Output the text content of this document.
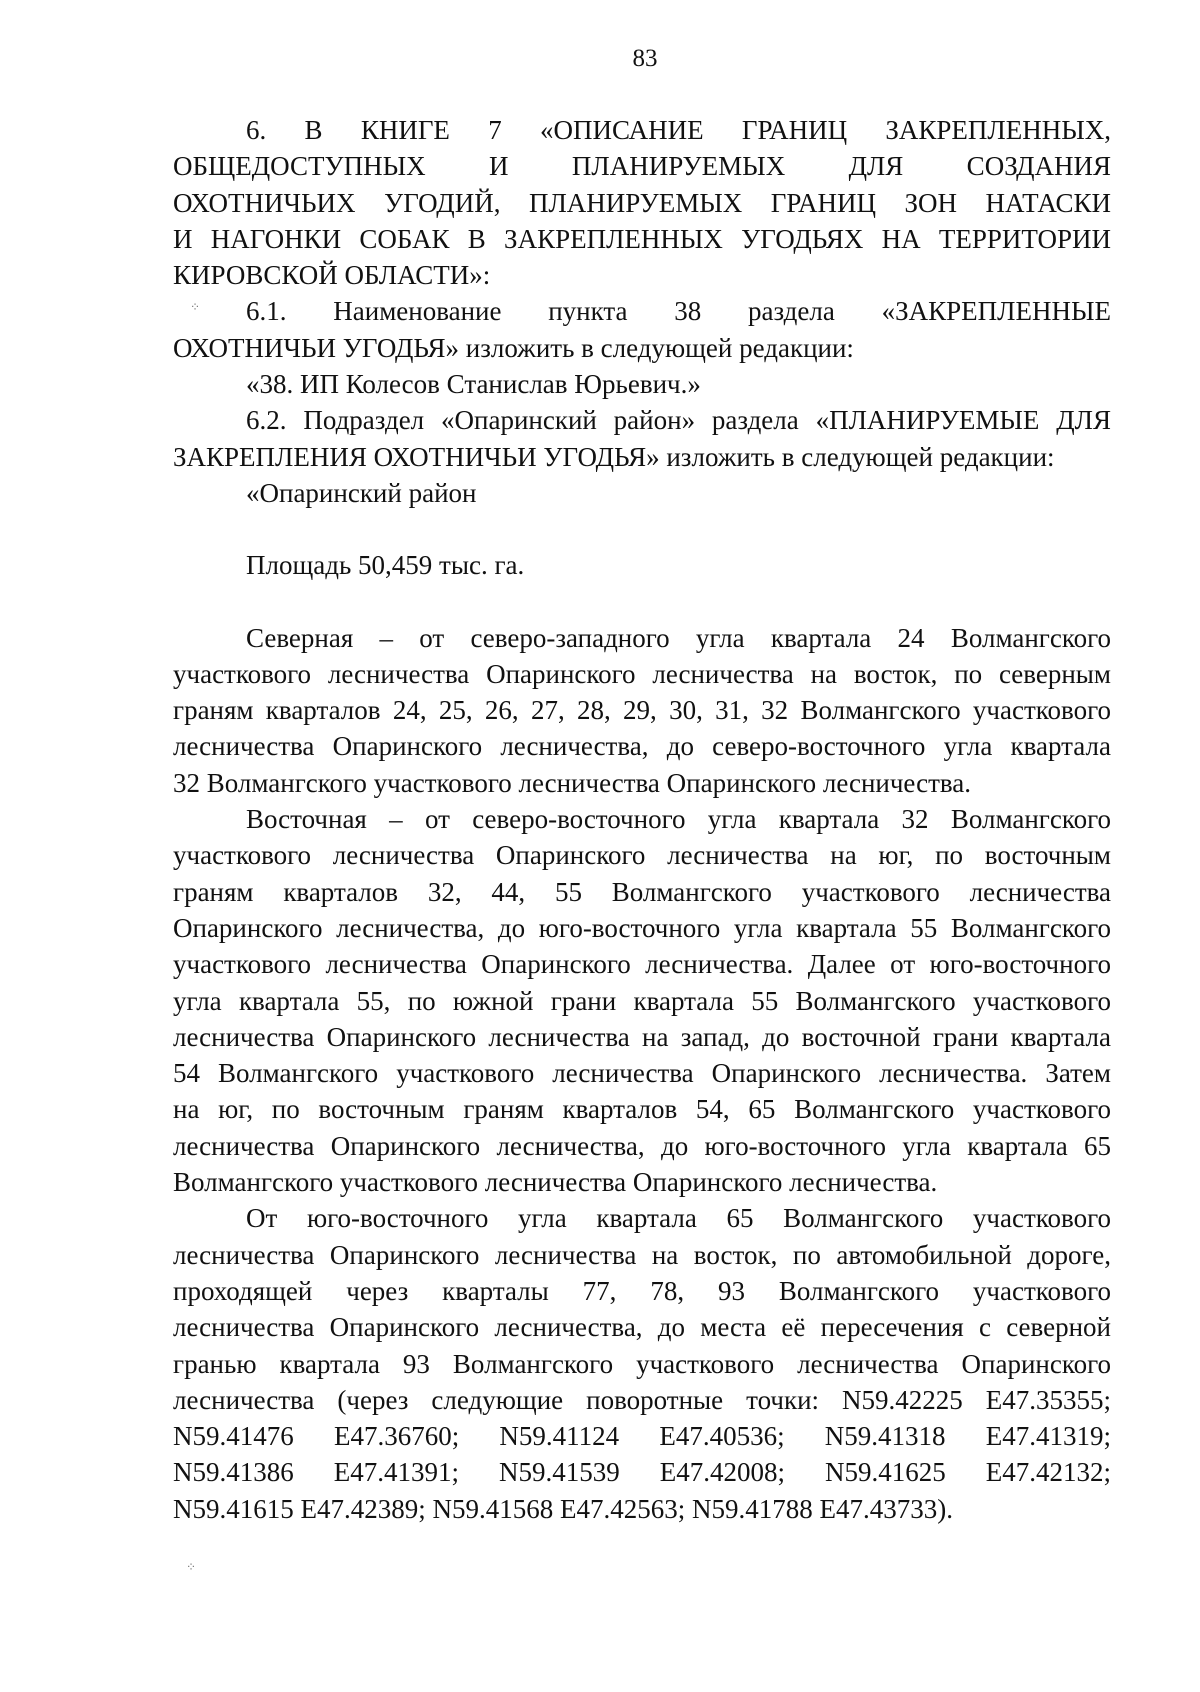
83

6. В КНИГЕ 7 «ОПИСАНИЕ ГРАНИЦ ЗАКРЕПЛЕННЫХ,

ОБЩЕДОСТУПНЫХ И ПЛАНИРУЕМЫХ ДЛЯ СОЗДАНИЯ
ОХОТНИЧЬИХ УГОДИЙ, ПЛАНИРУЕМЫХ ГРАНИЦ ЗОН НАТАСКИ
И НАГОНКИ СОБАК В ЗАКРЕПЛЕННЫХ УГОДЬЯХ НА ТЕРРИТОРИИ
КИРОВСКОЙ ОБЛАСТИ»:

6.1. Наименование пункта 38 раздела «ЗАКРЕПЛЕННЫЕ

ОХОТНИЧЬИ УГОДЬЯ» изложить в следующей редакции:

«38. ИП Колесов Станислав Юрьевич.»

6.2. Подраздел «Опаринский район» раздела «ПЛАНИРУЕМЫЕ ДЛЯ

ЗАКРЕПЛЕНИЯ ОХОТНИЧЬИ УГОДЬЯ» изложить в следующей редакции:

«Опаринский район

Площадь 50,459 тыс. га.

Северная – от северо-западного угла квартала 24 Волмангского

участкового лесничества Опаринского лесничества на восток, по северным
граням кварталов 24, 25, 26, 27, 28, 29, 30, 31, 32 Волмангского участкового
лесничества Опаринского лесничества, до северо-восточного угла квартала
32 Волмангского участкового лесничества Опаринского лесничества.

Восточная – от северо-восточного угла квартала 32 Волмангского

участкового лесничества Опаринского лесничества на юг, по восточным
граням кварталов 32, 44, 55 Волмангского участкового лесничества
Опаринского лесничества, до юго-восточного угла квартала 55 Волмангского
участкового лесничества Опаринского лесничества. Далее от юго-восточного
угла квартала 55, по южной грани квартала 55 Волмангского участкового
лесничества Опаринского лесничества на запад, до восточной грани квартала
54 Волмангского участкового лесничества Опаринского лесничества. Затем
на юг, по восточным граням кварталов 54, 65 Волмангского участкового
лесничества Опаринского лесничества, до юго-восточного угла квартала 65
Волмангского участкового лесничества Опаринского лесничества.

От юго-восточного угла квартала 65 Волмангского участкового

лесничества Опаринского лесничества на восток, по автомобильной дороге,
проходящей через кварталы 77, 78, 93 Волмангского участкового
лесничества Опаринского лесничества, до места её пересечения с северной
гранью квартала 93 Волмангского участкового лесничества Опаринского
лесничества (через следующие поворотные точки: N59.42225 E47.35355;
N59.41476 E47.36760; N59.41124 E47.40536; N59.41318 E47.41319;
N59.41386 E47.41391; N59.41539 E47.42008; N59.41625 E47.42132;
N59.41615 E47.42389; N59.41568 E47.42563; N59.41788 E47.43733).

⁘
⁘
